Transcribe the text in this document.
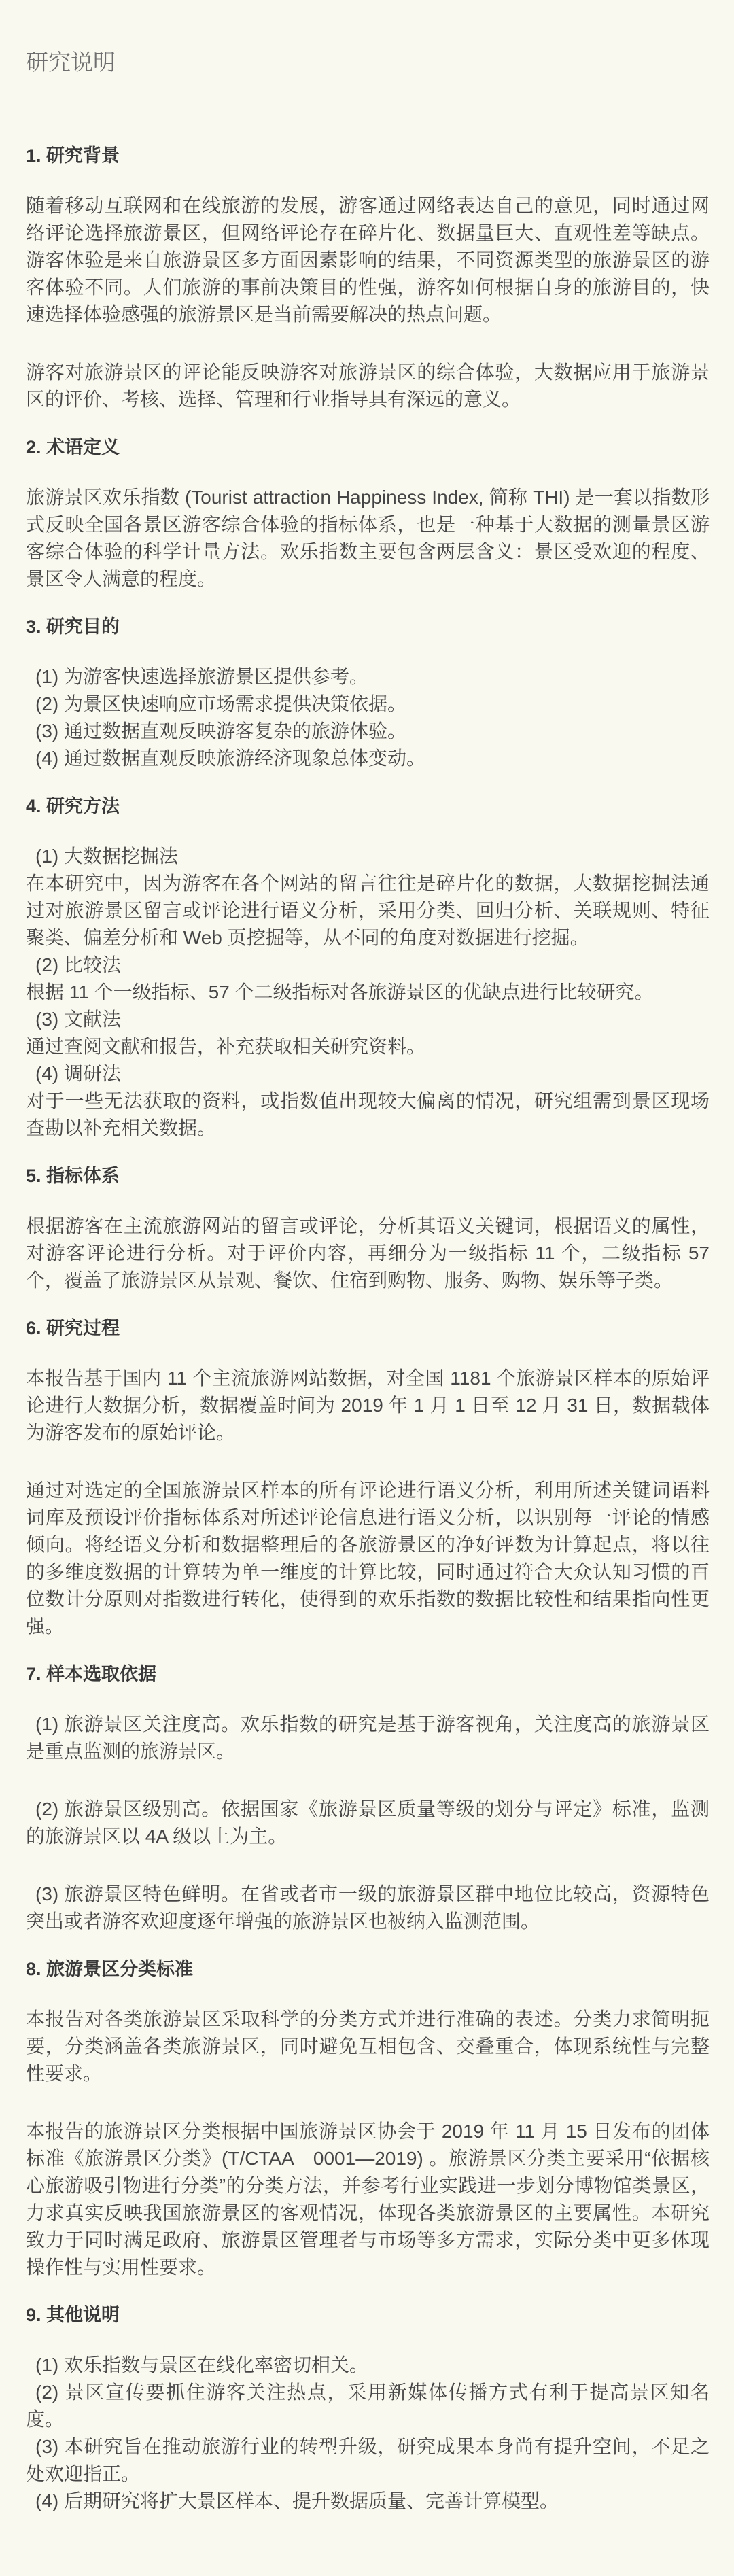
研究说明
1. 研究背景
随着移动互联网和在线旅游的发展，游客通过网络表达自己的意见，同时通过网络评论选择旅游景区，但网络评论存在碎片化、数据量巨大、直观性差等缺点。游客体验是来自旅游景区多方面因素影响的结果，不同资源类型的旅游景区的游客体验不同。人们旅游的事前决策目的性强，游客如何根据自身的旅游目的，快速选择体验感强的旅游景区是当前需要解决的热点问题。
游客对旅游景区的评论能反映游客对旅游景区的综合体验，大数据应用于旅游景区的评价、考核、选择、管理和行业指导具有深远的意义。
2. 术语定义
旅游景区欢乐指数 (Tourist attraction Happiness Index, 简称 THI) 是一套以指数形式反映全国各景区游客综合体验的指标体系，也是一种基于大数据的测量景区游客综合体验的科学计量方法。欢乐指数主要包含两层含义：景区受欢迎的程度、景区令人满意的程度。
3. 研究目的
(1) 为游客快速选择旅游景区提供参考。
(2) 为景区快速响应市场需求提供决策依据。
(3) 通过数据直观反映游客复杂的旅游体验。
(4) 通过数据直观反映旅游经济现象总体变动。
4. 研究方法
(1) 大数据挖掘法
在本研究中，因为游客在各个网站的留言往往是碎片化的数据，大数据挖掘法通过对旅游景区留言或评论进行语义分析，采用分类、回归分析、关联规则、特征聚类、偏差分析和 Web 页挖掘等，从不同的角度对数据进行挖掘。
(2) 比较法
根据 11 个一级指标、57 个二级指标对各旅游景区的优缺点进行比较研究。
(3) 文献法
通过查阅文献和报告，补充获取相关研究资料。
(4) 调研法
对于一些无法获取的资料，或指数值出现较大偏离的情况，研究组需到景区现场查勘以补充相关数据。
5. 指标体系
根据游客在主流旅游网站的留言或评论，分析其语义关键词，根据语义的属性，对游客评论进行分析。对于评价内容，再细分为一级指标 11 个，二级指标 57 个，覆盖了旅游景区从景观、餐饮、住宿到购物、服务、购物、娱乐等子类。
6. 研究过程
本报告基于国内 11 个主流旅游网站数据，对全国 1181 个旅游景区样本的原始评论进行大数据分析，数据覆盖时间为 2019 年 1 月 1 日至 12 月 31 日，数据载体为游客发布的原始评论。
通过对选定的全国旅游景区样本的所有评论进行语义分析，利用所述关键词语料词库及预设评价指标体系对所述评论信息进行语义分析，以识别每一评论的情感倾向。将经语义分析和数据整理后的各旅游景区的净好评数为计算起点，将以往的多维度数据的计算转为单一维度的计算比较，同时通过符合大众认知习惯的百位数计分原则对指数进行转化，使得到的欢乐指数的数据比较性和结果指向性更强。
7. 样本选取依据
(1) 旅游景区关注度高。欢乐指数的研究是基于游客视角，关注度高的旅游景区是重点监测的旅游景区。
(2) 旅游景区级别高。依据国家《旅游景区质量等级的划分与评定》标准，监测的旅游景区以 4A 级以上为主。
(3) 旅游景区特色鲜明。在省或者市一级的旅游景区群中地位比较高，资源特色突出或者游客欢迎度逐年增强的旅游景区也被纳入监测范围。
8. 旅游景区分类标准
本报告对各类旅游景区采取科学的分类方式并进行准确的表述。分类力求简明扼要，分类涵盖各类旅游景区，同时避免互相包含、交叠重合，体现系统性与完整性要求。
本报告的旅游景区分类根据中国旅游景区协会于 2019 年 11 月 15 日发布的团体标准《旅游景区分类》(T/CTAA　0001—2019) 。旅游景区分类主要采用“依据核心旅游吸引物进行分类”的分类方法，并参考行业实践进一步划分博物馆类景区，力求真实反映我国旅游景区的客观情况，体现各类旅游景区的主要属性。本研究致力于同时满足政府、旅游景区管理者与市场等多方需求，实际分类中更多体现操作性与实用性要求。
9. 其他说明
(1) 欢乐指数与景区在线化率密切相关。
(2) 景区宣传要抓住游客关注热点，采用新媒体传播方式有利于提高景区知名度。
(3) 本研究旨在推动旅游行业的转型升级，研究成果本身尚有提升空间，不足之处欢迎指正。
(4) 后期研究将扩大景区样本、提升数据质量、完善计算模型。
